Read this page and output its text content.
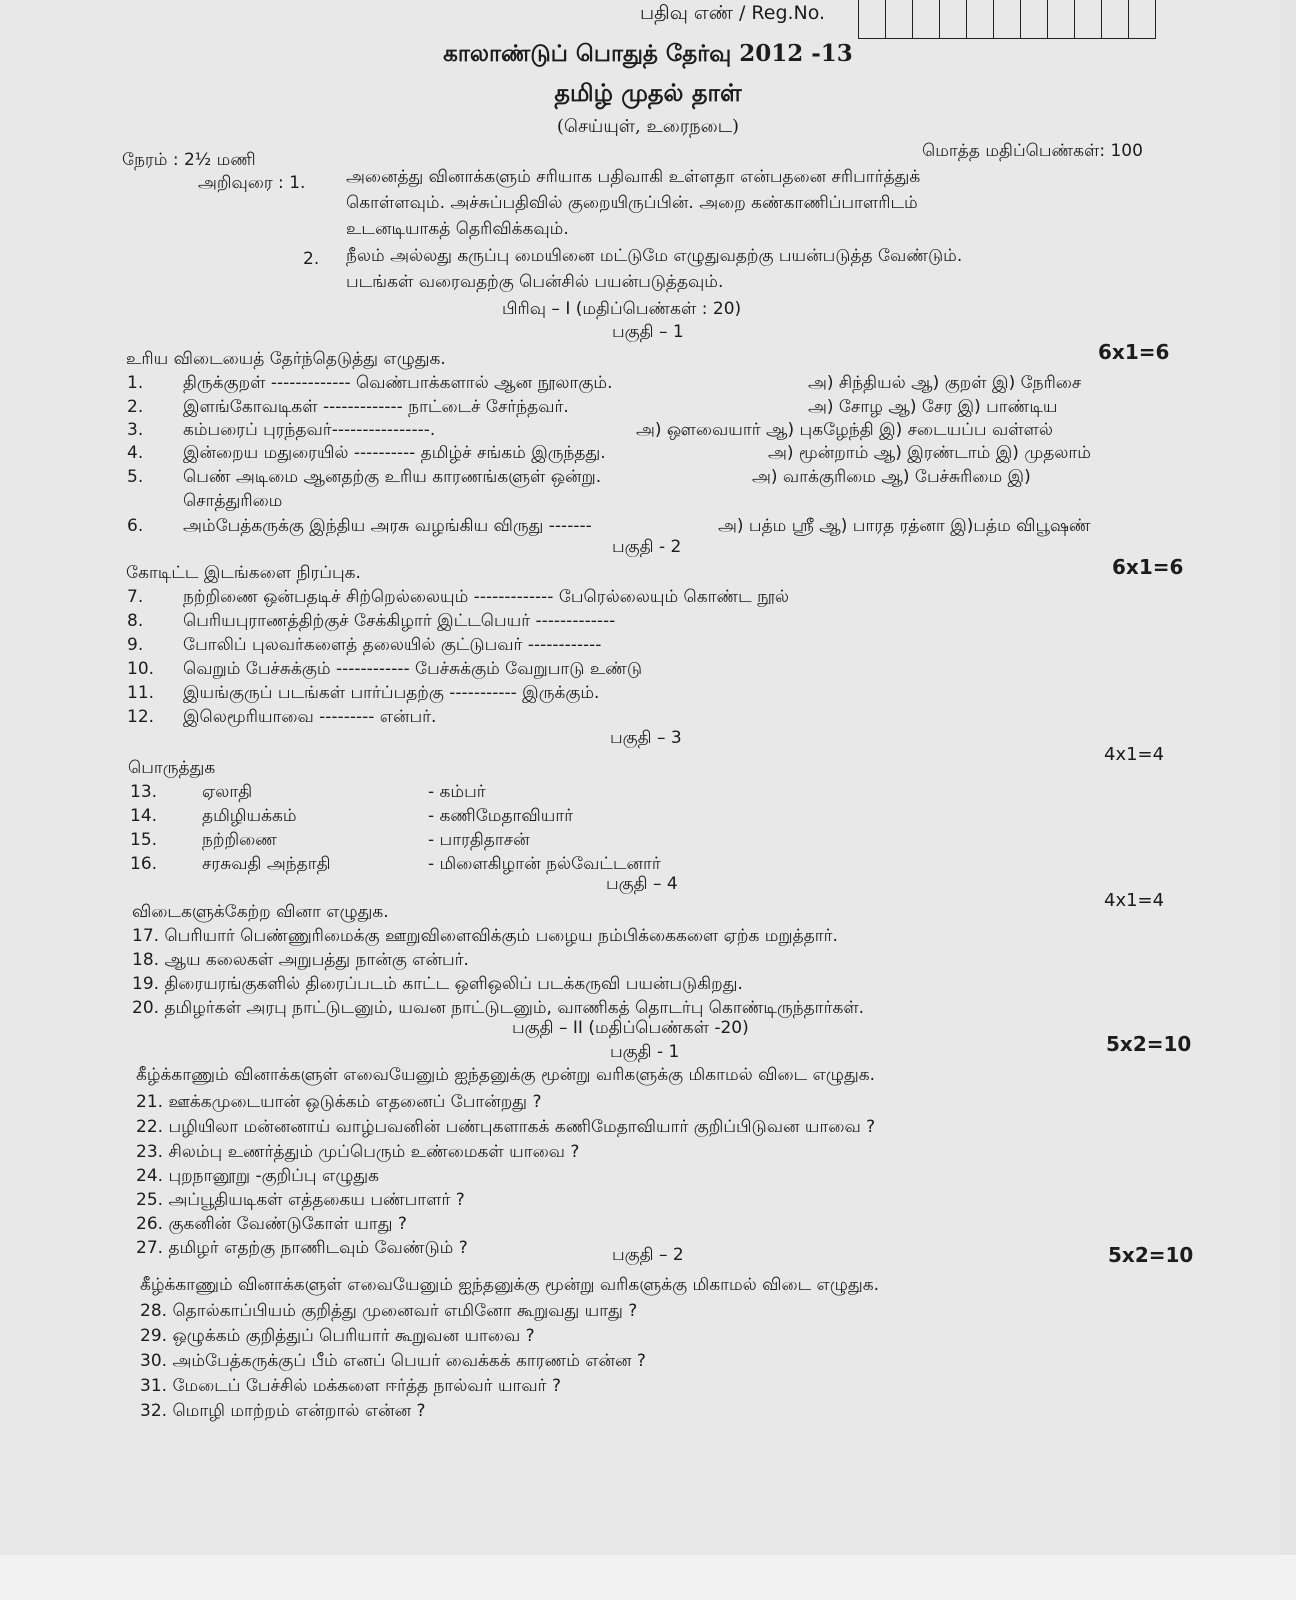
பதிவு எண் / Reg.No.
காலாண்டுப் பொதுத் தேர்வு 2012 -13
தமிழ் முதல் தாள்
(செய்யுள், உரைநடை)
நேரம் : 2½ மணி	மொத்த மதிப்பெண்கள்: 100
அறிவுரை : 1. அனைத்து வினாக்களும் சரியாக பதிவாகி உள்ளதா என்பதனை சரிபார்த்துக்
கொள்ளவும். அச்சுப்பதிவில் குறையிருப்பின். அறை கண்காணிப்பாளரிடம்
உடனடியாகத் தெரிவிக்கவும்.
2. நீலம் அல்லது கருப்பு மையினை மட்டுமே எழுதுவதற்கு பயன்படுத்த வேண்டும்.
படங்கள் வரைவதற்கு பென்சில் பயன்படுத்தவும்.
பிரிவு – I (மதிப்பெண்கள் : 20)
பகுதி – 1
6x1=6
உரிய விடையைத் தேர்ந்தெடுத்து எழுதுக.
1. திருக்குறள் ------------- வெண்பாக்களால் ஆன நூலாகும்.	அ) சிந்தியல் ஆ) குறள் இ) நேரிசை
2. இளங்கோவடிகள் ------------- நாட்டைச் சேர்ந்தவர்.	அ) சோழ ஆ) சேர இ) பாண்டிய
3. கம்பரைப் புரந்தவர்----------------.	அ) ஔவையார் ஆ) புகழேந்தி இ) சடையப்ப வள்ளல்
4. இன்றைய மதுரையில் ---------- தமிழ்ச் சங்கம் இருந்தது.	அ) மூன்றாம் ஆ) இரண்டாம் இ) முதலாம்
5. பெண் அடிமை ஆனதற்கு உரிய காரணங்களுள் ஒன்று.	அ) வாக்குரிமை ஆ) பேச்சுரிமை இ)
சொத்துரிமை
6. அம்பேத்கருக்கு இந்திய அரசு வழங்கிய விருது -------	அ) பத்ம ஸ்ரீ ஆ) பாரத ரத்னா இ)பத்ம விபூஷண்
பகுதி - 2
6x1=6
கோடிட்ட இடங்களை நிரப்புக.
7. நற்றிணை ஒன்பதடிச் சிற்றெல்லையும் ------------- பேரெல்லையும் கொண்ட நூல்
8. பெரியபுராணத்திற்குச் சேக்கிழார் இட்டபெயர் -------------
9. போலிப் புலவர்களைத் தலையில் குட்டுபவர் ------------
10. வெறும் பேச்சுக்கும் ------------ பேச்சுக்கும் வேறுபாடு உண்டு
11. இயங்குருப் படங்கள் பார்ப்பதற்கு ----------- இருக்கும்.
12. இலெமூரியாவை --------- என்பர்.
பகுதி – 3
4x1=4
பொருத்துக
13.	ஏலாதி	- கம்பர்
14.	தமிழியக்கம்	- கணிமேதாவியார்
15.	நற்றிணை	- பாரதிதாசன்
16.	சரசுவதி அந்தாதி	- மிளைகிழான் நல்வேட்டனார்
பகுதி – 4
4x1=4
விடைகளுக்கேற்ற வினா எழுதுக.
17. பெரியார் பெண்ணுரிமைக்கு ஊறுவிளைவிக்கும் பழைய நம்பிக்கைகளை ஏற்க மறுத்தார்.
18. ஆய கலைகள் அறுபத்து நான்கு என்பர்.
19. திரையரங்குகளில் திரைப்படம் காட்ட ஒளிஒலிப் படக்கருவி பயன்படுகிறது.
20. தமிழர்கள் அரபு நாட்டுடனும், யவன நாட்டுடனும், வாணிகத் தொடர்பு கொண்டிருந்தார்கள்.
பகுதி – II (மதிப்பெண்கள் -20)
பகுதி - 1	5x2=10
கீழ்க்காணும் வினாக்களுள் எவையேனும் ஐந்தனுக்கு மூன்று வரிகளுக்கு மிகாமல் விடை எழுதுக.
21. ஊக்கமுடையான் ஒடுக்கம் எதனைப் போன்றது ?
22. பழியிலா மன்னனாய் வாழ்பவனின் பண்புகளாகக் கணிமேதாவியார் குறிப்பிடுவன யாவை ?
23. சிலம்பு உணர்த்தும் முப்பெரும் உண்மைகள் யாவை ?
24. புறநானூறு -குறிப்பு எழுதுக
25. அப்பூதியடிகள் எத்தகைய பண்பாளர் ?
26. குகனின் வேண்டுகோள் யாது ?
27. தமிழர் எதற்கு நாணிடவும் வேண்டும் ?	பகுதி – 2	5x2=10
கீழ்க்காணும் வினாக்களுள் எவையேனும் ஐந்தனுக்கு மூன்று வரிகளுக்கு மிகாமல் விடை எழுதுக.
28. தொல்காப்பியம் குறித்து முனைவர் எமினோ கூறுவது யாது ?
29. ஒழுக்கம் குறித்துப் பெரியார் கூறுவன யாவை ?
30. அம்பேத்கருக்குப் பீம் எனப் பெயர் வைக்கக் காரணம் என்ன ?
31. மேடைப் பேச்சில் மக்களை ஈர்த்த நால்வர் யாவர் ?
32. மொழி மாற்றம் என்றால் என்ன ?
